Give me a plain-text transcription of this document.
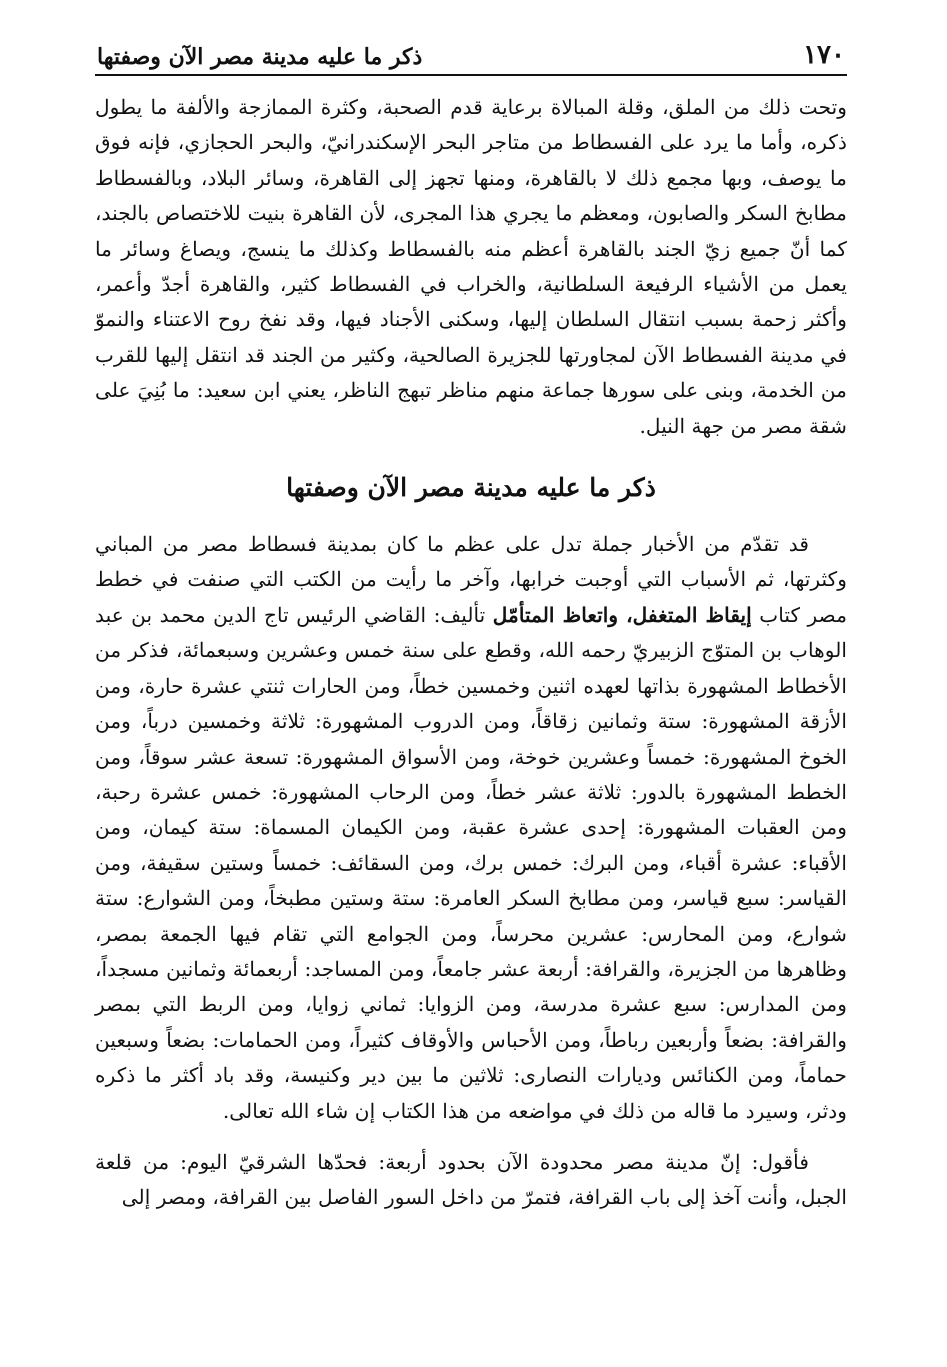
١٧٠
ذكر ما عليه مدينة مصر الآن وصفتها

وتحت ذلك من الملق، وقلة المبالاة برعاية قدم الصحبة، وكثرة الممازجة والألفة ما يطول ذكره، وأما ما يرد على الفسطاط من متاجر البحر الإسكندرانيّ، والبحر الحجازي، فإنه فوق ما يوصف، وبها مجمع ذلك لا بالقاهرة، ومنها تجهز إلى القاهرة، وسائر البلاد، وبالفسطاط مطابخ السكر والصابون، ومعظم ما يجري هذا المجرى، لأن القاهرة بنيت للاختصاص بالجند، كما أنّ جميع زيّ الجند بالقاهرة أعظم منه بالفسطاط وكذلك ما ينسج، ويصاغ وسائر ما يعمل من الأشياء الرفيعة السلطانية، والخراب في الفسطاط كثير، والقاهرة أجدّ وأعمر، وأكثر زحمة بسبب انتقال السلطان إليها، وسكنى الأجناد فيها، وقد نفخ روح الاعتناء والنموّ في مدينة الفسطاط الآن لمجاورتها للجزيرة الصالحية، وكثير من الجند قد انتقل إليها للقرب من الخدمة، وبنى على سورها جماعة منهم مناظر تبهج الناظر، يعني ابن سعيد: ما بُنِيَ على شقة مصر من جهة النيل.

ذكر ما عليه مدينة مصر الآن وصفتها

قد تقدّم من الأخبار جملة تدل على عظم ما كان بمدينة فسطاط مصر من المباني وكثرتها، ثم الأسباب التي أوجبت خرابها، وآخر ما رأيت من الكتب التي صنفت في خطط مصر كتاب إيقاظ المتغفل، واتعاظ المتأمّل تأليف: القاضي الرئيس تاج الدين محمد بن عبد الوهاب بن المتوّج الزبيريّ رحمه الله، وقطع على سنة خمس وعشرين وسبعمائة، فذكر من الأخطاط المشهورة بذاتها لعهده اثنين وخمسين خطاً، ومن الحارات ثنتي عشرة حارة، ومن الأزقة المشهورة: ستة وثمانين زقاقاً، ومن الدروب المشهورة: ثلاثة وخمسين درباً، ومن الخوخ المشهورة: خمساً وعشرين خوخة، ومن الأسواق المشهورة: تسعة عشر سوقاً، ومن الخطط المشهورة بالدور: ثلاثة عشر خطاً، ومن الرحاب المشهورة: خمس عشرة رحبة، ومن العقبات المشهورة: إحدى عشرة عقبة، ومن الكيمان المسماة: ستة كيمان، ومن الأقباء: عشرة أقباء، ومن البرك: خمس برك، ومن السقائف: خمساً وستين سقيفة، ومن القياسر: سبع قياسر، ومن مطابخ السكر العامرة: ستة وستين مطبخاً، ومن الشوارع: ستة شوارع، ومن المحارس: عشرين محرساً، ومن الجوامع التي تقام فيها الجمعة بمصر، وظاهرها من الجزيرة، والقرافة: أربعة عشر جامعاً، ومن المساجد: أربعمائة وثمانين مسجداً، ومن المدارس: سبع عشرة مدرسة، ومن الزوايا: ثماني زوايا، ومن الربط التي بمصر والقرافة: بضعاً وأربعين رباطاً، ومن الأحباس والأوقاف كثيراً، ومن الحمامات: بضعاً وسبعين حماماً، ومن الكنائس وديارات النصارى: ثلاثين ما بين دير وكنيسة، وقد باد أكثر ما ذكره ودثر، وسيرد ما قاله من ذلك في مواضعه من هذا الكتاب إن شاء الله تعالى.

فأقول: إنّ مدينة مصر محدودة الآن بحدود أربعة: فحدّها الشرقيّ اليوم: من قلعة الجبل، وأنت آخذ إلى باب القرافة، فتمرّ من داخل السور الفاصل بين القرافة، ومصر إلى
